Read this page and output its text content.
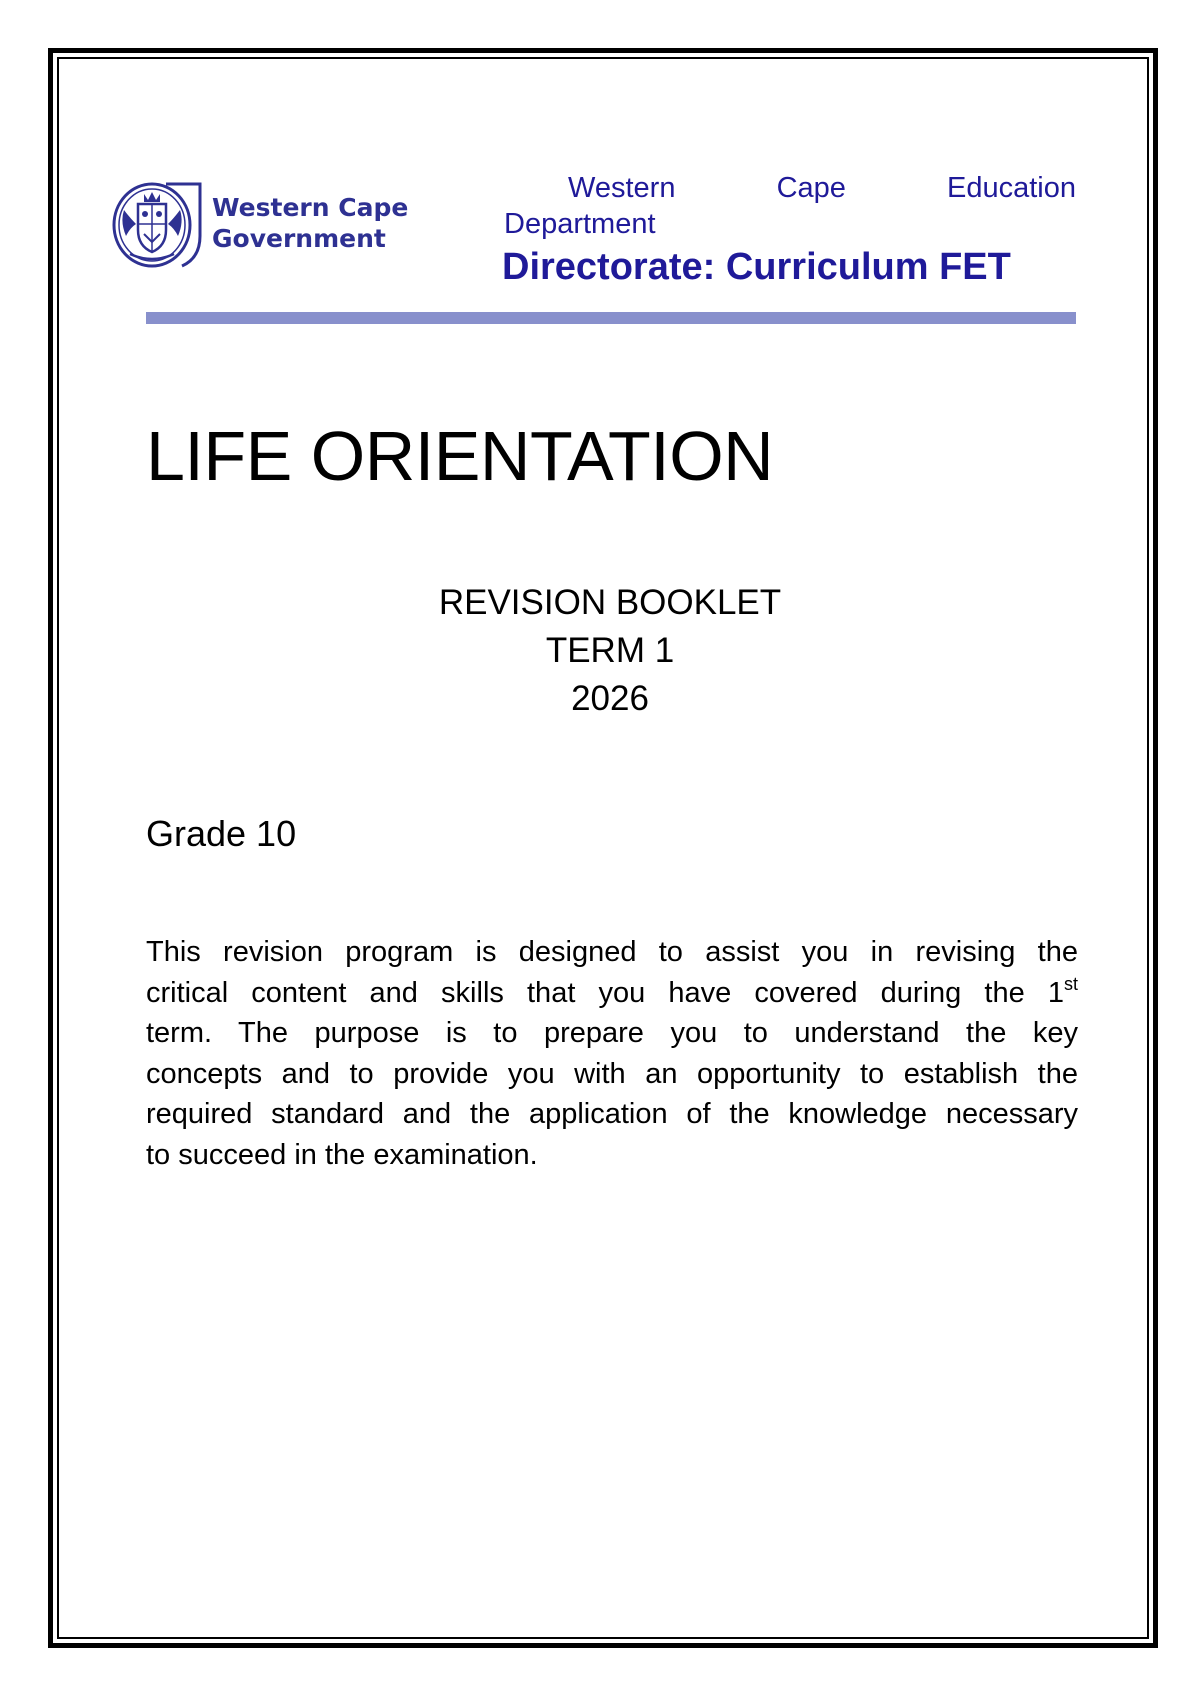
Western Cape
Government
Western	Cape	Education
Department
Directorate: Curriculum FET
LIFE ORIENTATION
REVISION BOOKLET
TERM 1
2026
Grade 10
This revision program is designed to assist you in revising the
critical content and skills that you have covered during the 1st
term. The purpose is to prepare you to understand the key
concepts and to provide you with an opportunity to establish the
required standard and the application of the knowledge necessary
to succeed in the examination.
